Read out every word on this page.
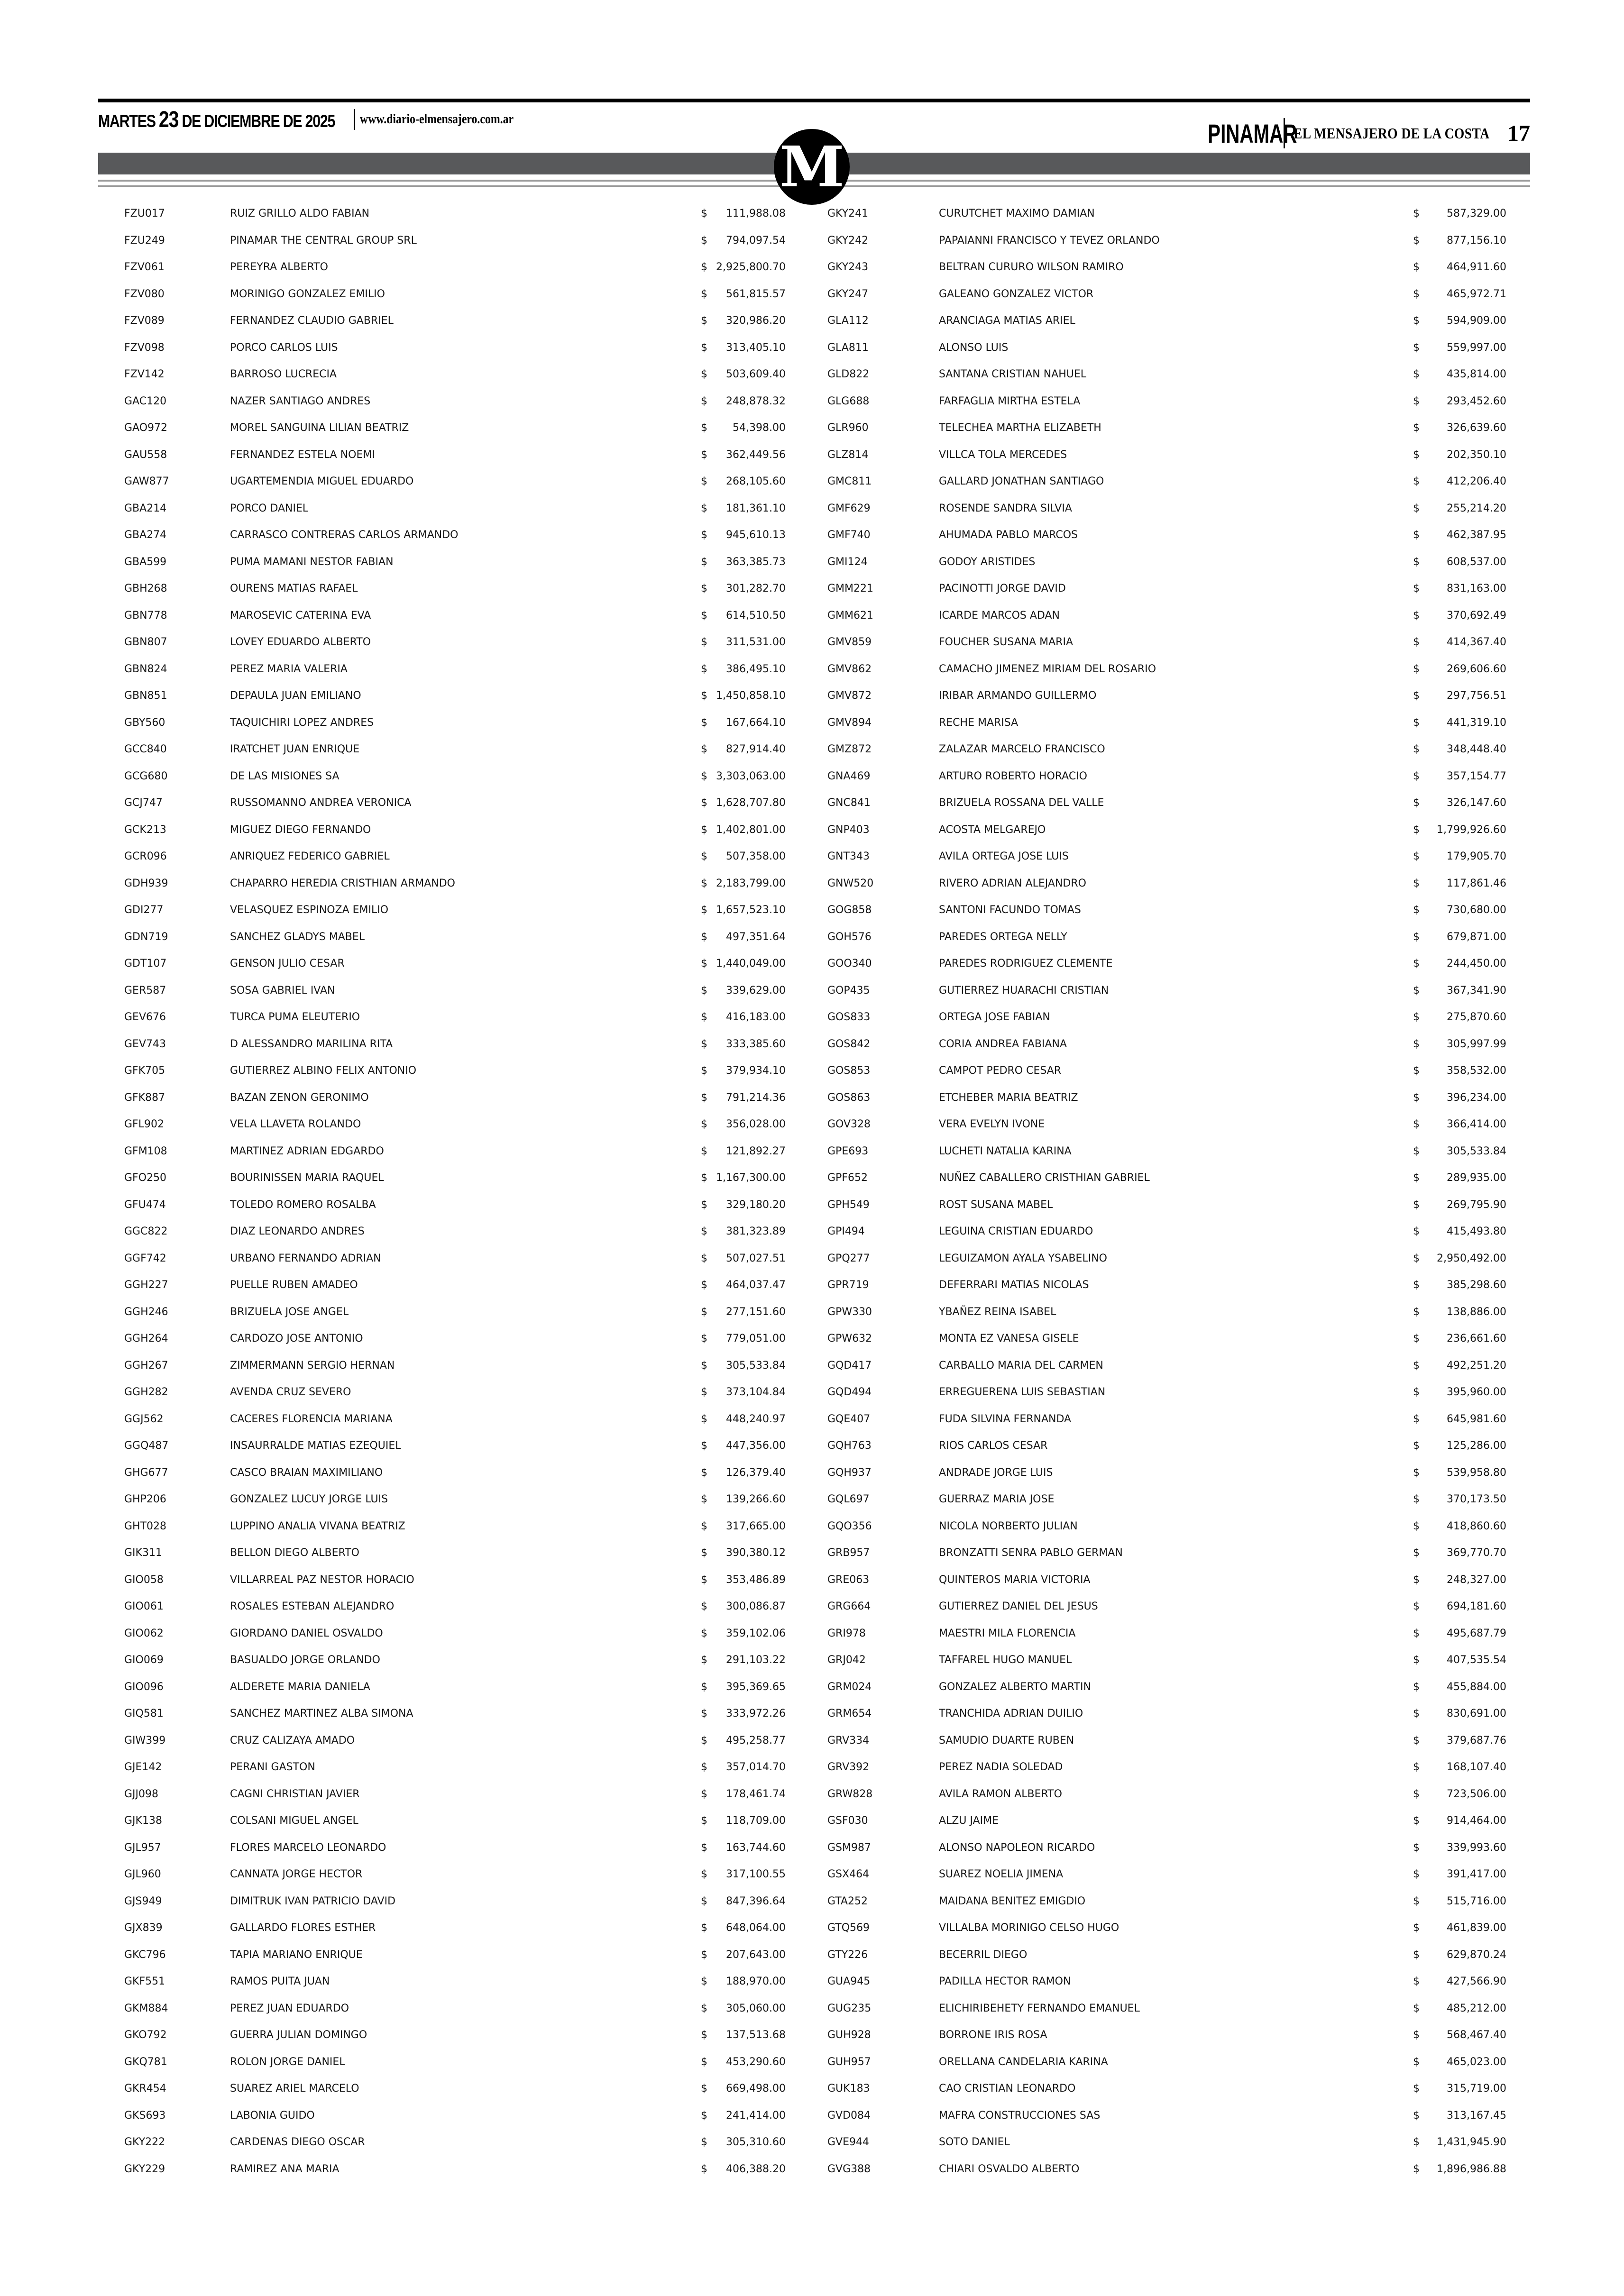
MARTES 23 DE DICIEMBRE DE 2025 www.diario-elmensajero.com.ar	PINAMAR
EL MENSAJERO DE LA COSTA 17
M
FZU017	RUIZ GRILLO ALDO FABIAN	$ 111,988.08
FZU249	PINAMAR THE CENTRAL GROUP SRL	$ 794,097.54
FZV061	PEREYRA ALBERTO	$ 2,925,800.70
FZV080	MORINIGO GONZALEZ EMILIO	$ 561,815.57
FZV089	FERNANDEZ CLAUDIO GABRIEL	$ 320,986.20
FZV098	PORCO CARLOS LUIS	$ 313,405.10
FZV142	BARROSO LUCRECIA	$ 503,609.40
GAC120	NAZER SANTIAGO ANDRES	$ 248,878.32
GAO972	MOREL SANGUINA LILIAN BEATRIZ	$ 54,398.00
GAU558	FERNANDEZ ESTELA NOEMI	$ 362,449.56
GAW877	UGARTEMENDIA MIGUEL EDUARDO	$ 268,105.60
GBA214	PORCO DANIEL	$ 181,361.10
GBA274	CARRASCO CONTRERAS CARLOS ARMANDO	$ 945,610.13
GBA599	PUMA MAMANI NESTOR FABIAN	$ 363,385.73
GBH268	OURENS MATIAS RAFAEL	$ 301,282.70
GBN778	MAROSEVIC CATERINA EVA	$ 614,510.50
GBN807	LOVEY EDUARDO ALBERTO	$ 311,531.00
GBN824	PEREZ MARIA VALERIA	$ 386,495.10
GBN851	DEPAULA JUAN EMILIANO	$ 1,450,858.10
GBY560	TAQUICHIRI LOPEZ ANDRES	$ 167,664.10
GCC840	IRATCHET JUAN ENRIQUE	$ 827,914.40
GCG680	DE LAS MISIONES SA	$ 3,303,063.00
GCJ747	RUSSOMANNO ANDREA VERONICA	$ 1,628,707.80
GCK213	MIGUEZ DIEGO FERNANDO	$ 1,402,801.00
GCR096	ANRIQUEZ FEDERICO GABRIEL	$ 507,358.00
GDH939	CHAPARRO HEREDIA CRISTHIAN ARMANDO	$ 2,183,799.00
GDI277	VELASQUEZ ESPINOZA EMILIO	$ 1,657,523.10
GDN719	SANCHEZ GLADYS MABEL	$ 497,351.64
GDT107	GENSON JULIO CESAR	$ 1,440,049.00
GER587	SOSA GABRIEL IVAN	$ 339,629.00
GEV676	TURCA PUMA ELEUTERIO	$ 416,183.00
GEV743	D ALESSANDRO MARILINA RITA	$ 333,385.60
GFK705	GUTIERREZ ALBINO FELIX ANTONIO	$ 379,934.10
GFK887	BAZAN ZENON GERONIMO	$ 791,214.36
GFL902	VELA LLAVETA ROLANDO	$ 356,028.00
GFM108	MARTINEZ ADRIAN EDGARDO	$ 121,892.27
GFO250	BOURINISSEN MARIA RAQUEL	$ 1,167,300.00
GFU474	TOLEDO ROMERO ROSALBA	$ 329,180.20
GGC822	DIAZ LEONARDO ANDRES	$ 381,323.89
GGF742	URBANO FERNANDO ADRIAN	$ 507,027.51
GGH227	PUELLE RUBEN AMADEO	$ 464,037.47
GGH246	BRIZUELA JOSE ANGEL	$ 277,151.60
GGH264	CARDOZO JOSE ANTONIO	$ 779,051.00
GGH267	ZIMMERMANN SERGIO HERNAN	$ 305,533.84
GGH282	AVENDA CRUZ SEVERO	$ 373,104.84
GGJ562	CACERES FLORENCIA MARIANA	$ 448,240.97
GGQ487	INSAURRALDE MATIAS EZEQUIEL	$ 447,356.00
GHG677	CASCO BRAIAN MAXIMILIANO	$ 126,379.40
GHP206	GONZALEZ LUCUY JORGE LUIS	$ 139,266.60
GHT028	LUPPINO ANALIA VIVANA BEATRIZ	$ 317,665.00
GIK311	BELLON DIEGO ALBERTO	$ 390,380.12
GIO058	VILLARREAL PAZ NESTOR HORACIO	$ 353,486.89
GIO061	ROSALES ESTEBAN ALEJANDRO	$ 300,086.87
GIO062	GIORDANO DANIEL OSVALDO	$ 359,102.06
GIO069	BASUALDO JORGE ORLANDO	$ 291,103.22
GIO096	ALDERETE MARIA DANIELA	$ 395,369.65
GIQ581	SANCHEZ MARTINEZ ALBA SIMONA	$ 333,972.26
GIW399	CRUZ CALIZAYA AMADO	$ 495,258.77
GJE142	PERANI GASTON	$ 357,014.70
GJJ098	CAGNI CHRISTIAN JAVIER	$ 178,461.74
GJK138	COLSANI MIGUEL ANGEL	$ 118,709.00
GJL957	FLORES MARCELO LEONARDO	$ 163,744.60
GJL960	CANNATA JORGE HECTOR	$ 317,100.55
GJS949	DIMITRUK IVAN PATRICIO DAVID	$ 847,396.64
GJX839	GALLARDO FLORES ESTHER	$ 648,064.00
GKC796	TAPIA MARIANO ENRIQUE	$ 207,643.00
GKF551	RAMOS PUITA JUAN	$ 188,970.00
GKM884	PEREZ JUAN EDUARDO	$ 305,060.00
GKO792	GUERRA JULIAN DOMINGO	$ 137,513.68
GKQ781	ROLON JORGE DANIEL	$ 453,290.60
GKR454	SUAREZ ARIEL MARCELO	$ 669,498.00
GKS693	LABONIA GUIDO	$ 241,414.00
GKY222	CARDENAS DIEGO OSCAR	$ 305,310.60
GKY229	RAMIREZ ANA MARIA	$ 406,388.20
GKY241	CURUTCHET MAXIMO DAMIAN	$	587,329.00
GKY242	PAPAIANNI FRANCISCO Y TEVEZ ORLANDO	$	877,156.10
GKY243	BELTRAN CURURO WILSON RAMIRO	$	464,911.60
GKY247	GALEANO GONZALEZ VICTOR	$	465,972.71
GLA112	ARANCIAGA MATIAS ARIEL	$	594,909.00
GLA811	ALONSO LUIS	$	559,997.00
GLD822	SANTANA CRISTIAN NAHUEL	$	435,814.00
GLG688	FARFAGLIA MIRTHA ESTELA	$	293,452.60
GLR960	TELECHEA MARTHA ELIZABETH	$	326,639.60
GLZ814	VILLCA TOLA MERCEDES	$	202,350.10
GMC811	GALLARD JONATHAN SANTIAGO	$	412,206.40
GMF629	ROSENDE SANDRA SILVIA	$	255,214.20
GMF740	AHUMADA PABLO MARCOS	$	462,387.95
GMI124	GODOY ARISTIDES	$	608,537.00
GMM221	PACINOTTI JORGE DAVID	$	831,163.00
GMM621	ICARDE MARCOS ADAN	$	370,692.49
GMV859	FOUCHER SUSANA MARIA	$	414,367.40
GMV862	CAMACHO JIMENEZ MIRIAM DEL ROSARIO	$	269,606.60
GMV872	IRIBAR ARMANDO GUILLERMO	$	297,756.51
GMV894	RECHE MARISA	$	441,319.10
GMZ872	ZALAZAR MARCELO FRANCISCO	$	348,448.40
GNA469	ARTURO ROBERTO HORACIO	$	357,154.77
GNC841	BRIZUELA ROSSANA DEL VALLE	$	326,147.60
GNP403	ACOSTA MELGAREJO	$ 1,799,926.60
GNT343	AVILA ORTEGA JOSE LUIS	$	179,905.70
GNW520	RIVERO ADRIAN ALEJANDRO	$	117,861.46
GOG858	SANTONI FACUNDO TOMAS	$	730,680.00
GOH576	PAREDES ORTEGA NELLY	$	679,871.00
GOO340	PAREDES RODRIGUEZ CLEMENTE	$	244,450.00
GOP435	GUTIERREZ HUARACHI CRISTIAN	$	367,341.90
GOS833	ORTEGA JOSE FABIAN	$	275,870.60
GOS842	CORIA ANDREA FABIANA	$	305,997.99
GOS853	CAMPOT PEDRO CESAR	$	358,532.00
GOS863	ETCHEBER MARIA BEATRIZ	$	396,234.00
GOV328	VERA EVELYN IVONE	$	366,414.00
GPE693	LUCHETI NATALIA KARINA	$	305,533.84
GPF652	NUÑEZ CABALLERO CRISTHIAN GABRIEL	$	289,935.00
GPH549	ROST SUSANA MABEL	$	269,795.90
GPI494	LEGUINA CRISTIAN EDUARDO	$	415,493.80
GPQ277	LEGUIZAMON AYALA YSABELINO	$ 2,950,492.00
GPR719	DEFERRARI MATIAS NICOLAS	$	385,298.60
GPW330	YBAÑEZ REINA ISABEL	$	138,886.00
GPW632	MONTA EZ VANESA GISELE	$	236,661.60
GQD417	CARBALLO MARIA DEL CARMEN	$	492,251.20
GQD494	ERREGUERENA LUIS SEBASTIAN	$	395,960.00
GQE407	FUDA SILVINA FERNANDA	$	645,981.60
GQH763	RIOS CARLOS CESAR	$	125,286.00
GQH937	ANDRADE JORGE LUIS	$	539,958.80
GQL697	GUERRAZ MARIA JOSE	$	370,173.50
GQO356	NICOLA NORBERTO JULIAN	$	418,860.60
GRB957	BRONZATTI SENRA PABLO GERMAN	$	369,770.70
GRE063	QUINTEROS MARIA VICTORIA	$	248,327.00
GRG664	GUTIERREZ DANIEL DEL JESUS	$	694,181.60
GRI978	MAESTRI MILA FLORENCIA	$	495,687.79
GRJ042	TAFFAREL HUGO MANUEL	$	407,535.54
GRM024	GONZALEZ ALBERTO MARTIN	$	455,884.00
GRM654	TRANCHIDA ADRIAN DUILIO	$	830,691.00
GRV334	SAMUDIO DUARTE RUBEN	$	379,687.76
GRV392	PEREZ NADIA SOLEDAD	$	168,107.40
GRW828	AVILA RAMON ALBERTO	$	723,506.00
GSF030	ALZU JAIME	$	914,464.00
GSM987	ALONSO NAPOLEON RICARDO	$	339,993.60
GSX464	SUAREZ NOELIA JIMENA	$	391,417.00
GTA252	MAIDANA BENITEZ EMIGDIO	$	515,716.00
GTQ569	VILLALBA MORINIGO CELSO HUGO	$	461,839.00
GTY226	BECERRIL DIEGO	$	629,870.24
GUA945	PADILLA HECTOR RAMON	$	427,566.90
GUG235	ELICHIRIBEHETY FERNANDO EMANUEL	$	485,212.00
GUH928	BORRONE IRIS ROSA	$	568,467.40
GUH957	ORELLANA CANDELARIA KARINA	$	465,023.00
GUK183	CAO CRISTIAN LEONARDO	$	315,719.00
GVD084	MAFRA CONSTRUCCIONES SAS	$	313,167.45
GVE944	SOTO DANIEL	$ 1,431,945.90
GVG388	CHIARI OSVALDO ALBERTO	$ 1,896,986.88
